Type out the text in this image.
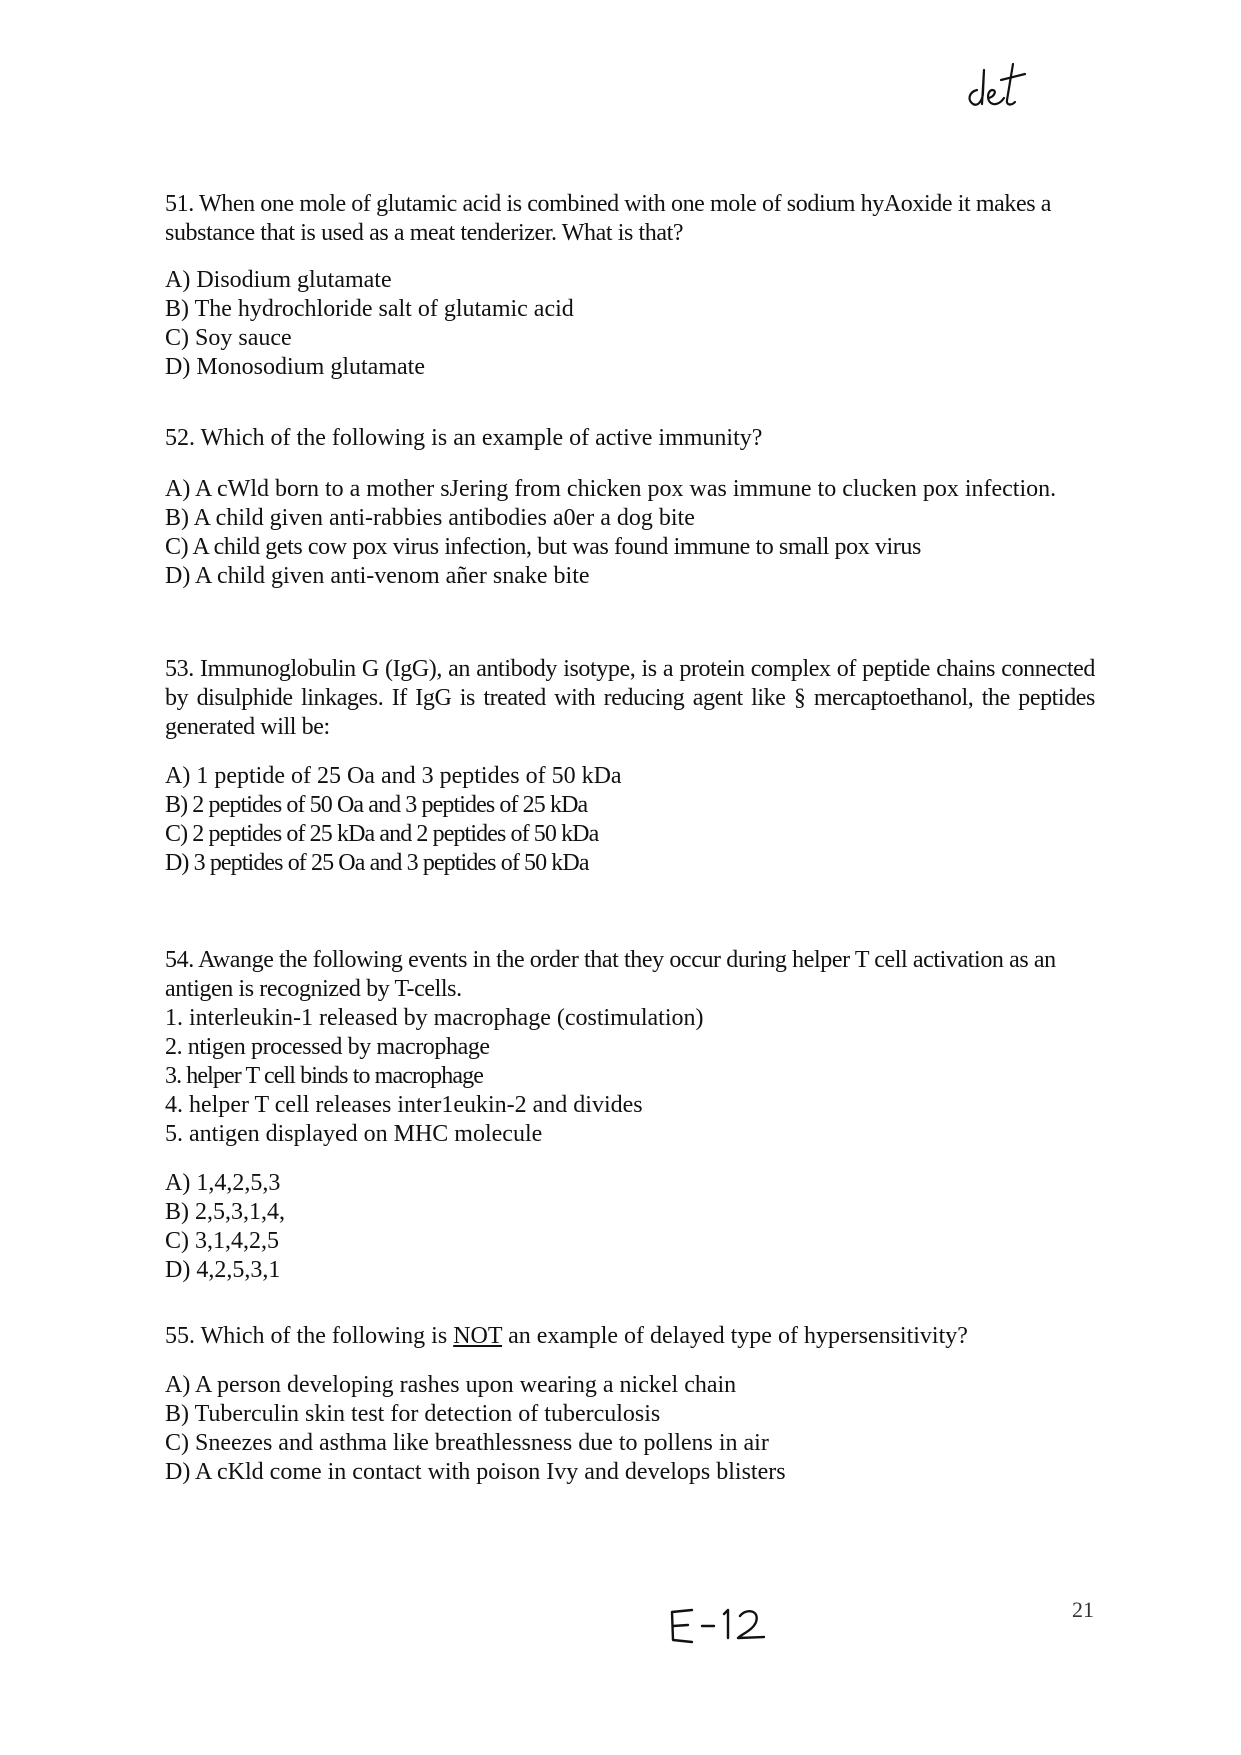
51. When one mole of glutamic acid is combined with one mole of sodium hyAoxide it makes a substance that is used as a meat tenderizer. What is that?

A) Disodium glutamate
B) The hydrochloride salt of glutamic acid
C) Soy sauce
D) Monosodium glutamate

52. Which of the following is an example of active immunity?

A) A cWld born to a mother sJering from chicken pox was immune to clucken pox infection.
B) A child given anti-rabbies antibodies a0er a dog bite
C) A child gets cow pox virus infection, but was found immune to small pox virus
D) A child given anti-venom añer snake bite

53. Immunoglobulin G (IgG), an antibody isotype, is a protein complex of peptide chains connected by disulphide linkages. If IgG is treated with reducing agent like § mercaptoethanol, the peptides generated will be:

A) 1 peptide of 25 Oa and 3 peptides of 50 kDa
B) 2 peptides of 50 Oa and 3 peptides of 25 kDa
C) 2 peptides of 25 kDa and 2 peptides of 50 kDa
D) 3 peptides of 25 Oa and 3 peptides of 50 kDa

54. Awange the following events in the order that they occur during helper T cell activation as an antigen is recognized by T-cells.

1. interleukin-1 released by macrophage (costimulation)
2. ntigen processed by macrophage
3. helper T cell binds to macrophage
4. helper T cell releases inter1eukin-2 and divides
5. antigen displayed on MHC molecule
A) 1,4,2,5,3
B) 2,5,3,1,4,
C) 3,1,4,2,5
D) 4,2,5,3,1

55. Which of the following is NOT an example of delayed type of hypersensitivity?

A) A person developing rashes upon wearing a nickel chain
B) Tuberculin skin test for detection of tuberculosis
C) Sneezes and asthma like breathlessness due to pollens in air
D) A cKld come in contact with poison Ivy and develops blisters
21
